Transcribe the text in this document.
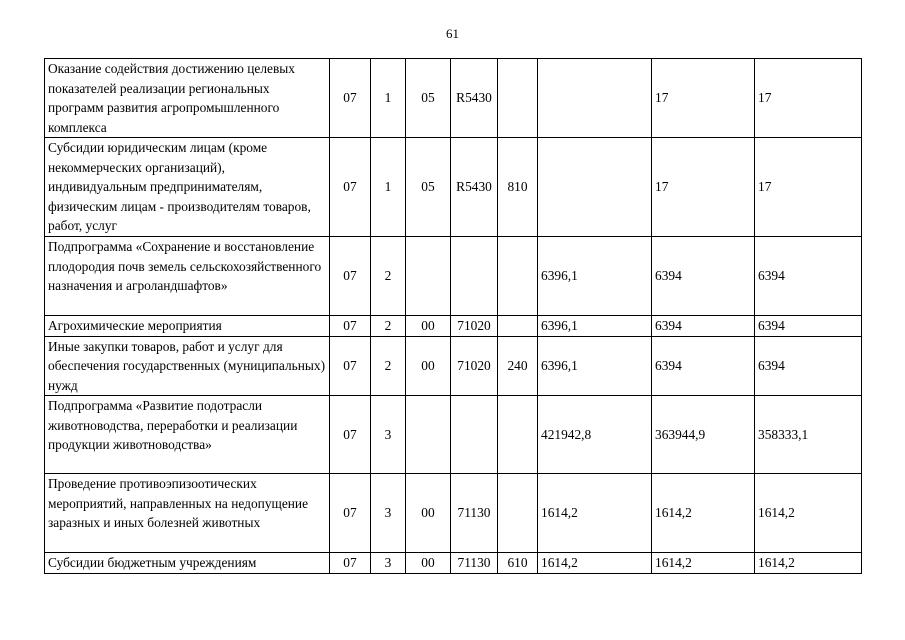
61
Оказание содействия достижению целевых показателей реализации региональных программ развития агропромышленного комплекса	07	1	05	R5430			17	17
Субсидии юридическим лицам (кроме некоммерческих организаций), индивидуальным предпринимателям, физическим лицам - производителям товаров, работ, услуг	07	1	05	R5430	810		17	17
Подпрограмма «Сохранение и восстановление плодородия почв земель сельскохозяйственного назначения и агроландшафтов»	07	2				6396,1	6394	6394
Агрохимические мероприятия	07	2	00	71020		6396,1	6394	6394
Иные закупки товаров, работ и услуг для обеспечения государственных (муниципальных) нужд	07	2	00	71020	240	6396,1	6394	6394
Подпрограмма «Развитие подотрасли животноводства, переработки и реализации продукции животноводства»	07	3				421942,8	363944,9	358333,1
Проведение противоэпизоотических мероприятий, направленных на недопущение заразных и иных болезней животных	07	3	00	71130		1614,2	1614,2	1614,2
Субсидии бюджетным учреждениям	07	3	00	71130	610	1614,2	1614,2	1614,2
